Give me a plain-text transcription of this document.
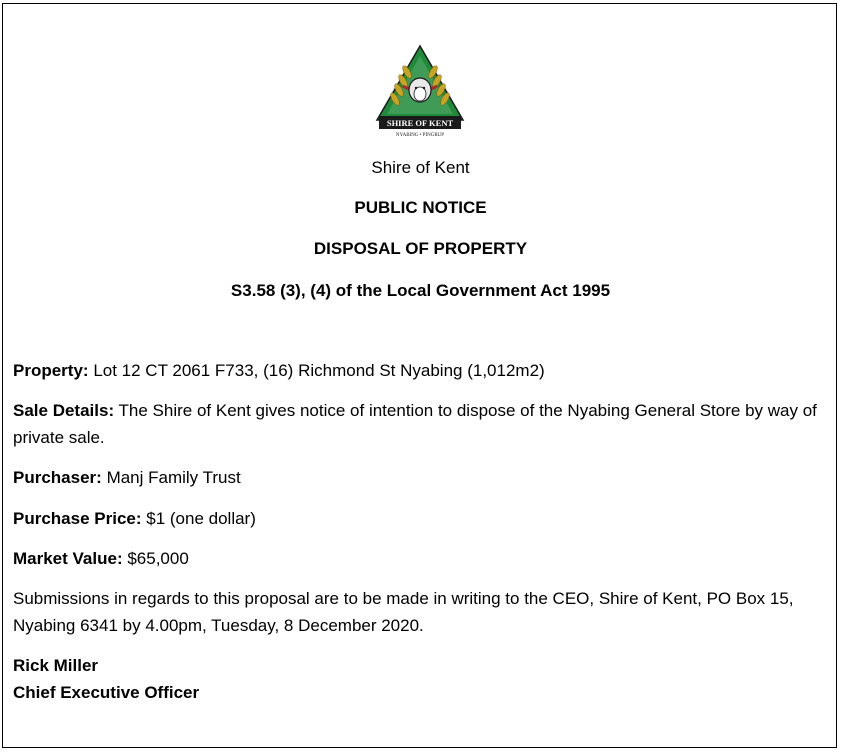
SHIRE OF KENT
NYABING • PINGRUP
Shire of Kent
PUBLIC NOTICE
DISPOSAL OF PROPERTY
S3.58 (3), (4) of the Local Government Act 1995
Property: Lot 12 CT 2061 F733, (16) Richmond St Nyabing (1,012m2)
Sale Details: The Shire of Kent gives notice of intention to dispose of the Nyabing General Store by way of private sale.
Purchaser: Manj Family Trust
Purchase Price: $1 (one dollar)
Market Value: $65,000
Submissions in regards to this proposal are to be made in writing to the CEO, Shire of Kent, PO Box 15, Nyabing 6341 by 4.00pm, Tuesday, 8 December 2020.
Rick Miller
Chief Executive Officer
